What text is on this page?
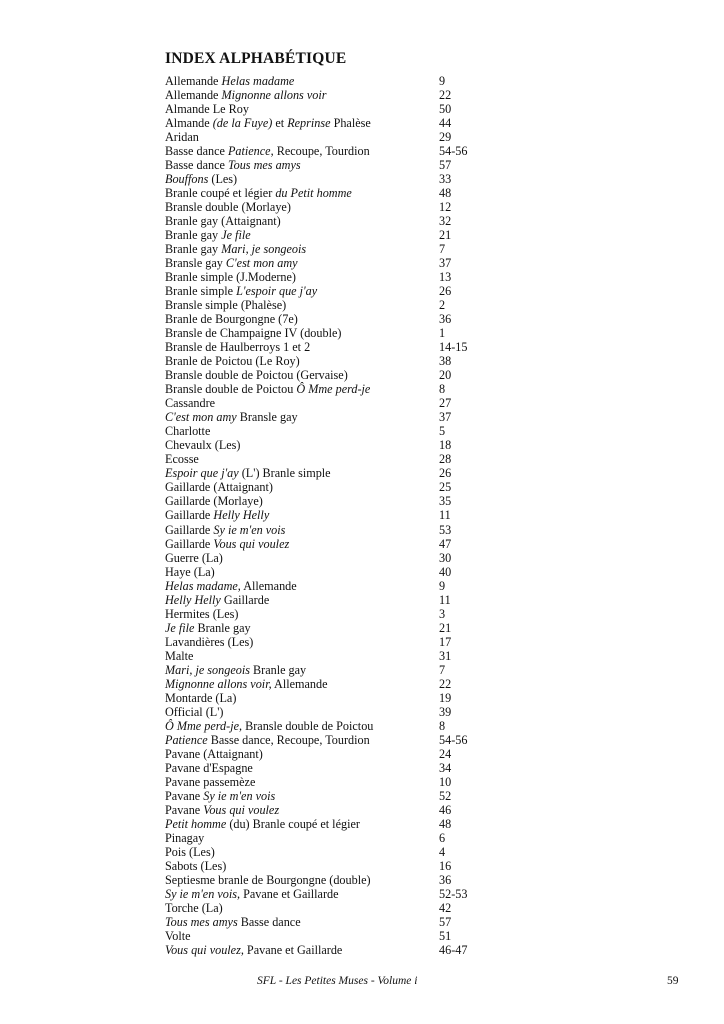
INDEX ALPHABÉTIQUE
Allemande Helas madame	9
Allemande Mignonne allons voir	22
Almande Le Roy	50
Almande (de la Fuye) et Reprinse Phalèse	44
Aridan	29
Basse dance Patience, Recoupe, Tourdion	54-56
Basse dance Tous mes amys	57
Bouffons (Les)	33
Branle coupé et légier du Petit homme	48
Bransle double (Morlaye)	12
Branle gay (Attaignant)	32
Branle gay Je file	21
Branle gay Mari, je songeois	7
Bransle gay C'est mon amy	37
Branle simple (J.Moderne)	13
Branle simple L'espoir que j'ay	26
Bransle simple (Phalèse)	2
Branle de Bourgongne (7e)	36
Bransle de Champaigne IV (double)	1
Bransle de Haulberroys 1 et 2	14-15
Branle de Poictou (Le Roy)	38
Bransle double de Poictou (Gervaise)	20
Bransle double de Poictou Ô Mme perd-je	8
Cassandre	27
C'est mon amy Bransle gay	37
Charlotte	5
Chevaulx (Les)	18
Ecosse	28
Espoir que j'ay (L') Branle simple	26
Gaillarde (Attaignant)	25
Gaillarde (Morlaye)	35
Gaillarde Helly Helly	11
Gaillarde Sy ie m'en vois	53
Gaillarde Vous qui voulez	47
Guerre (La)	30
Haye (La)	40
Helas madame, Allemande	9
Helly Helly Gaillarde	11
Hermites (Les)	3
Je file Branle gay	21
Lavandières (Les)	17
Malte	31
Mari, je songeois Branle gay	7
Mignonne allons voir, Allemande	22
Montarde (La)	19
Official (L')	39
Ô Mme perd-je, Bransle double de Poictou	8
Patience Basse dance, Recoupe, Tourdion	54-56
Pavane (Attaignant)	24
Pavane d'Espagne	34
Pavane passemèze	10
Pavane Sy ie m'en vois	52
Pavane Vous qui voulez	46
Petit homme (du) Branle coupé et légier	48
Pinagay	6
Pois (Les)	4
Sabots (Les)	16
Septiesme branle de Bourgongne (double)	36
Sy ie m'en vois, Pavane et Gaillarde	52-53
Torche (La)	42
Tous mes amys Basse dance	57
Volte	51
Vous qui voulez, Pavane et Gaillarde	46-47
SFL - Les Petites Muses - Volume i	59
